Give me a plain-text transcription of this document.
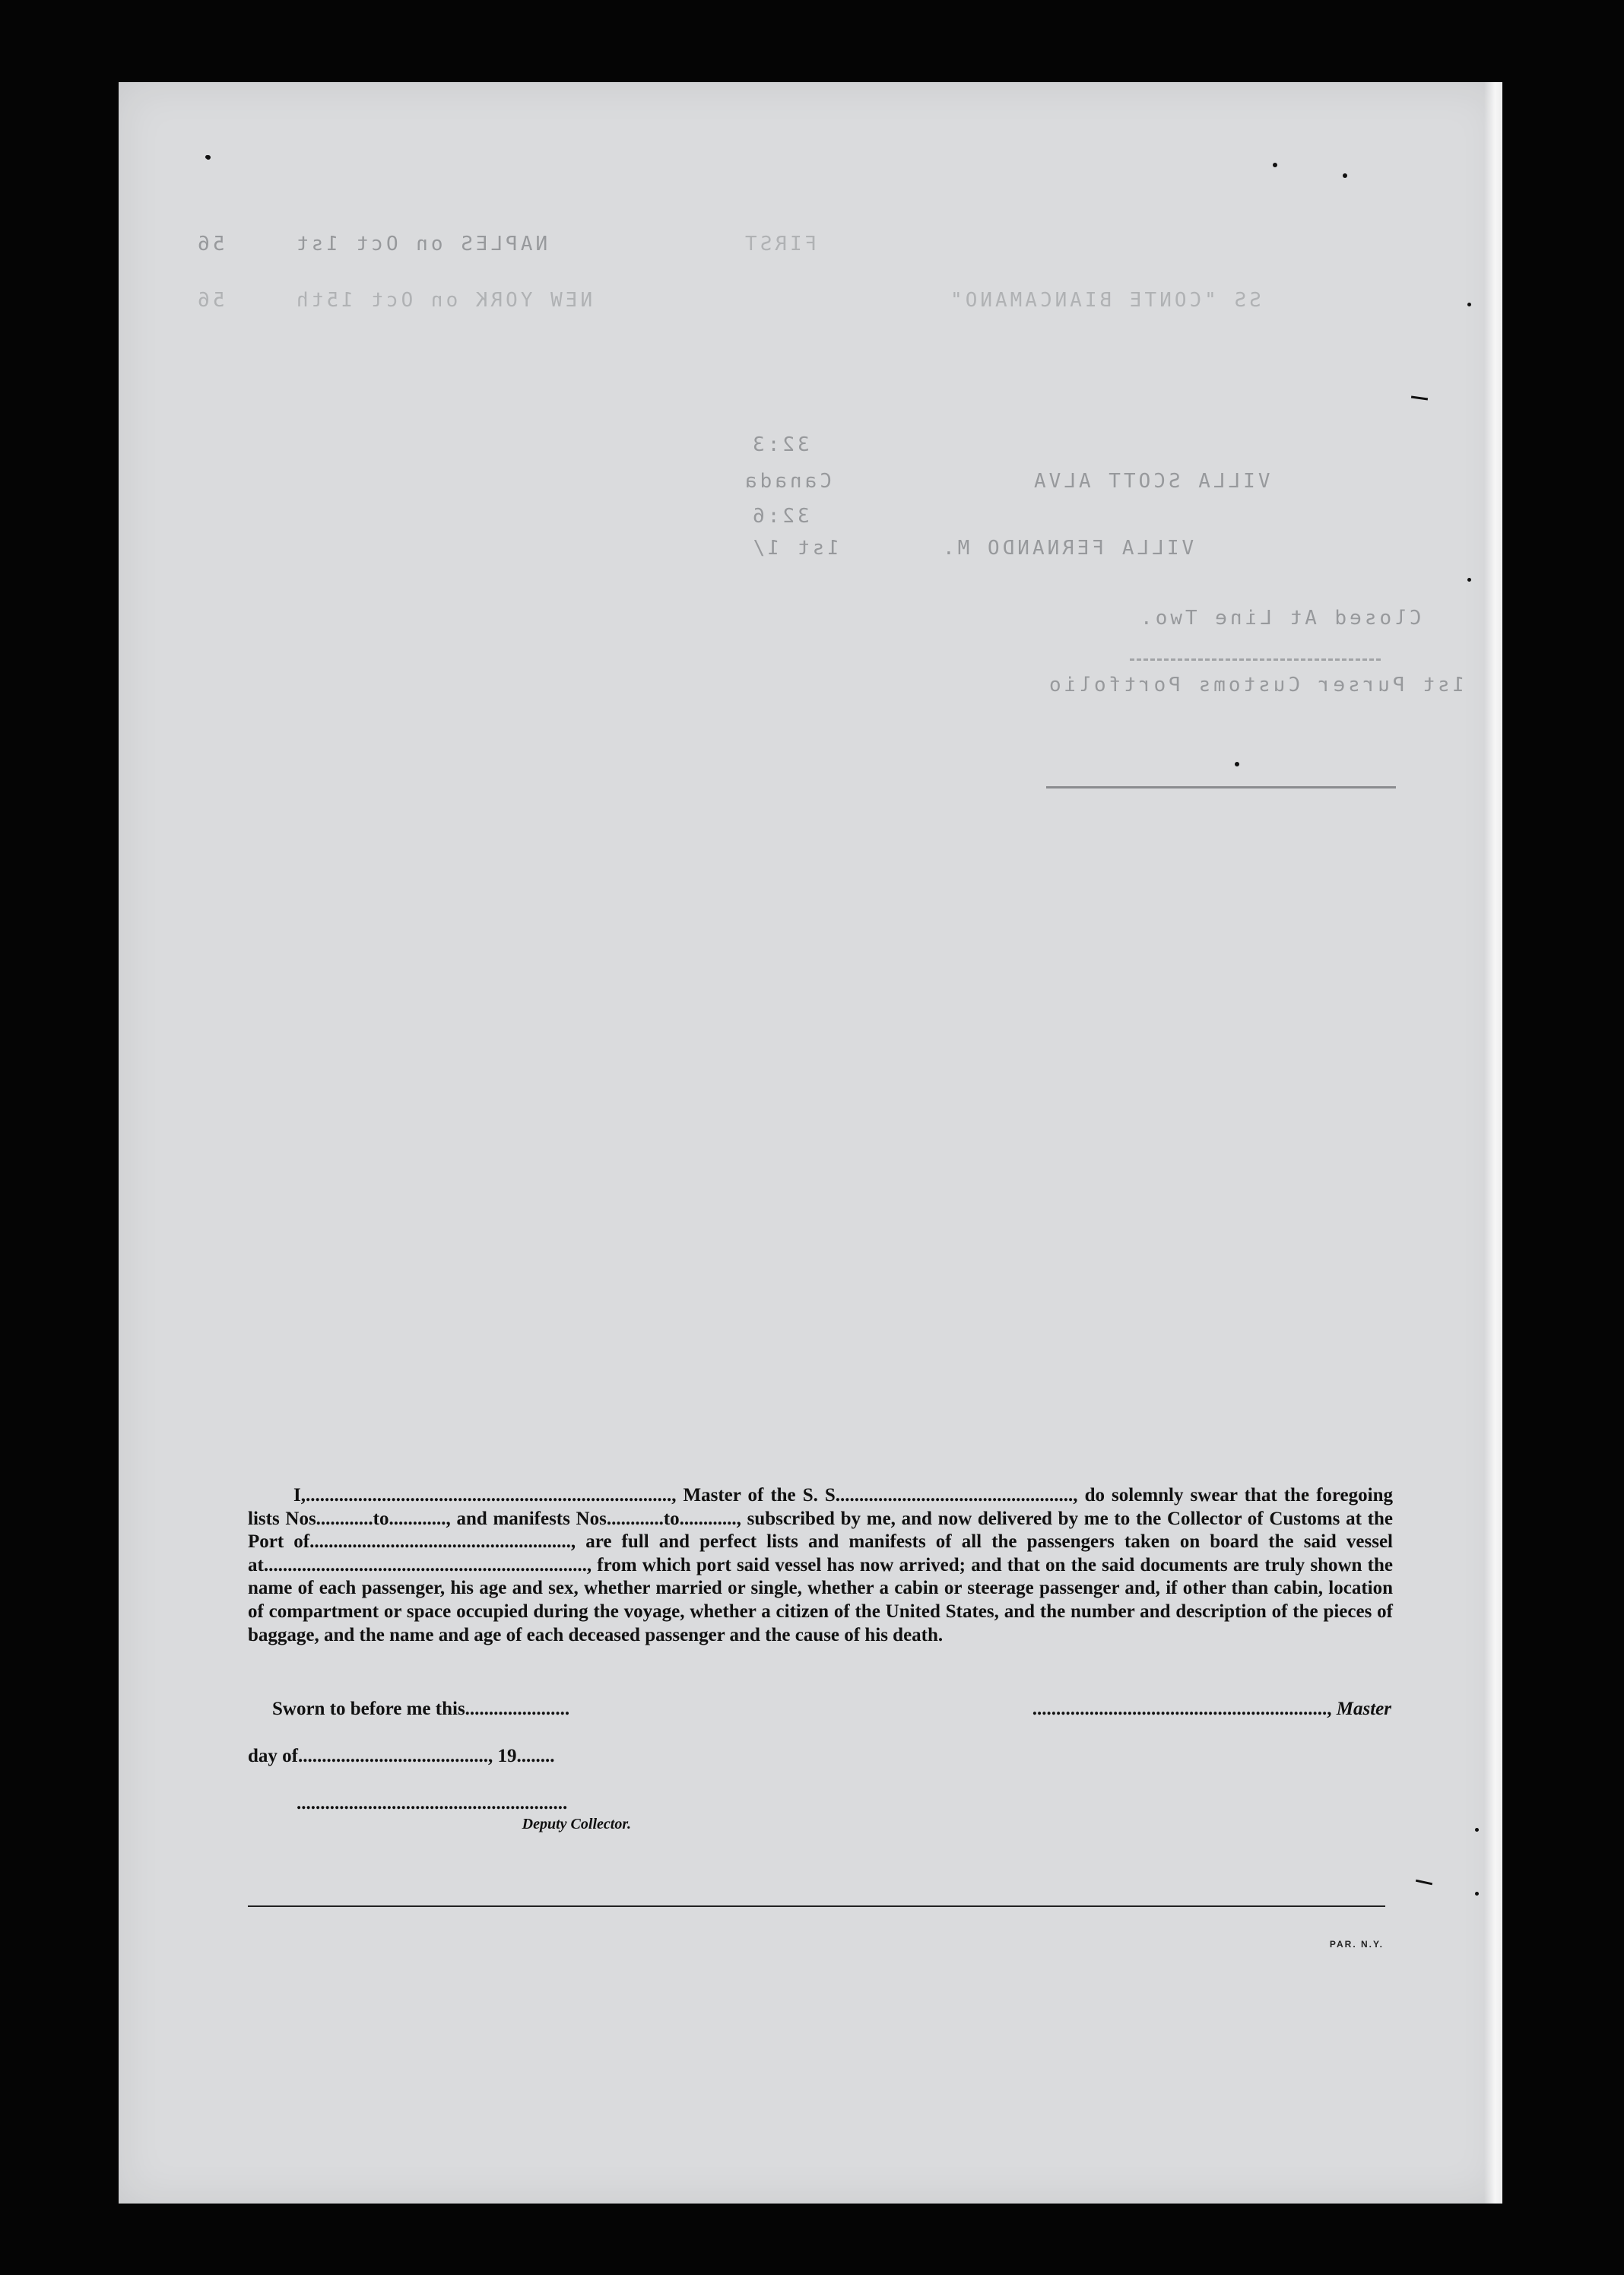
FIRST
NAPLES on Oct 1st
56
SS "CONTE BIANCAMANO"
NEW YORK on Oct 15th
56
32:3
VILLA SCOTT ALVA
Canada
32:6
VILLA FERNANDO M.
1st 1/
Closed At Line Two.
1st Purser Customs Portfolio
I,............................................................................., Master of the S. S.................................................., do solemnly swear that the foregoing lists Nos............to............, and manifests Nos............to............, subscribed by me, and now delivered by me to the Collector of Customs at the Port of......................................................., are full and perfect lists and manifests of all the passengers taken on board the said vessel at...................................................................., from which port said vessel has now arrived; and that on the said documents are truly shown the name of each passenger, his age and sex, whether married or single, whether a cabin or steerage passenger and, if other than cabin, location of compartment or space occupied during the voyage, whether a citizen of the United States, and the number and description of the pieces of baggage, and the name and age of each deceased passenger and the cause of his death.
Sworn to before me this......................	.............................................................., Master
day of........................................, 19........
.........................................................
Deputy Collector.
PAR. N.Y.
